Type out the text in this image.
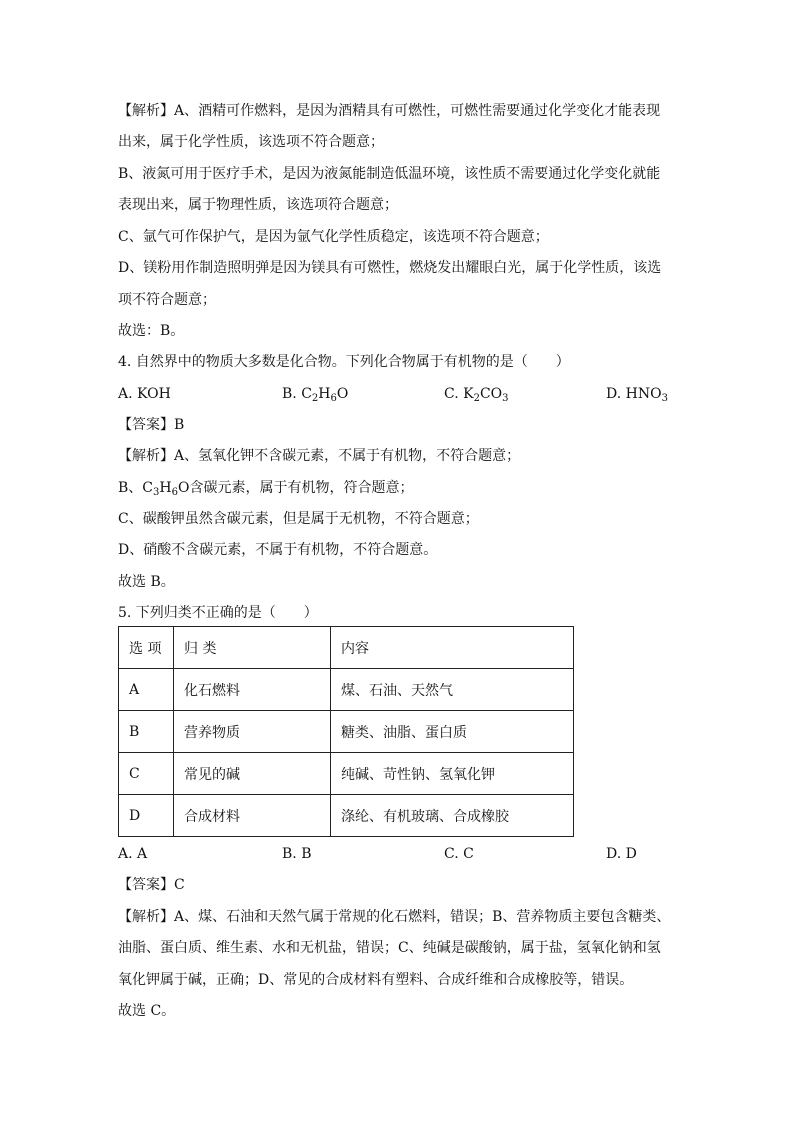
【解析】A、酒精可作燃料，是因为酒精具有可燃性，可燃性需要通过化学变化才能表现
出来，属于化学性质，该选项不符合题意；
B、液氮可用于医疗手术，是因为液氮能制造低温环境，该性质不需要通过化学变化就能
表现出来，属于物理性质，该选项符合题意；
C、氩气可作保护气，是因为氩气化学性质稳定，该选项不符合题意；
D、镁粉用作制造照明弹是因为镁具有可燃性，燃烧发出耀眼白光，属于化学性质，该选
项不符合题意；
故选：B。
4. 自然界中的物质大多数是化合物。下列化合物属于有机物的是（　　）
A. KOH	B. $C_2H_6O$	C. $K_2CO_3$	D. $HNO_3$
【答案】B
【解析】A、氢氧化钾不含碳元素，不属于有机物，不符合题意；
B、$C_3H_6O$含碳元素，属于有机物，符合题意；
C、碳酸钾虽然含碳元素，但是属于无机物，不符合题意；
D、硝酸不含碳元素，不属于有机物，不符合题意。
故选 B。
5. 下列归类不正确的是（　　）
选 项	归 类	内容
A	化石燃料	煤、石油、天然气
B	营养物质	糖类、油脂、蛋白质
C	常见的碱	纯碱、苛性钠、氢氧化钾
D	合成材料	涤纶、有机玻璃、合成橡胶
A. A	B. B	C. C	D. D
【答案】C
【解析】A、煤、石油和天然气属于常规的化石燃料，错误；B、营养物质主要包含糖类、
油脂、蛋白质、维生素、水和无机盐，错误；C、纯碱是碳酸钠，属于盐，氢氧化钠和氢
氧化钾属于碱，正确；D、常见的合成材料有塑料、合成纤维和合成橡胶等，错误。
故选 C。
